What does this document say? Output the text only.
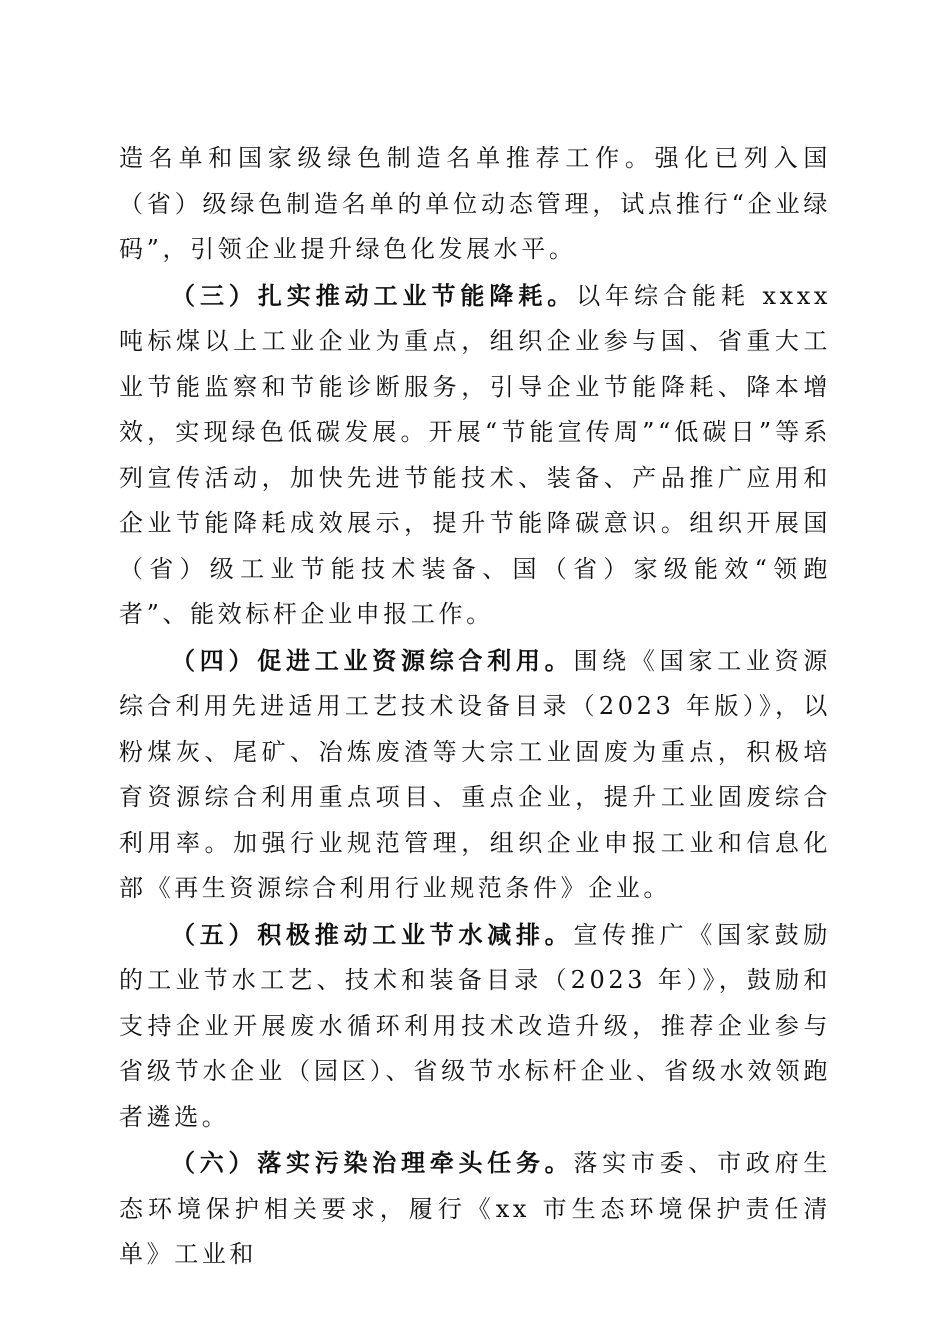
造名单和国家级绿色制造名单推荐工作。强化已列入国（省）级绿色制造名单的单位动态管理，试点推行“企业绿码”，引领企业提升绿色化发展水平。

（三）扎实推动工业节能降耗。以年综合能耗 xxxx 吨标煤以上工业企业为重点，组织企业参与国、省重大工业节能监察和节能诊断服务，引导企业节能降耗、降本增效，实现绿色低碳发展。开展“节能宣传周”“低碳日”等系列宣传活动，加快先进节能技术、装备、产品推广应用和企业节能降耗成效展示，提升节能降碳意识。组织开展国（省）级工业节能技术装备、国（省）家级能效“领跑者”、能效标杆企业申报工作。

（四）促进工业资源综合利用。围绕《国家工业资源综合利用先进适用工艺技术设备目录（2023 年版）》，以粉煤灰、尾矿、冶炼废渣等大宗工业固废为重点，积极培育资源综合利用重点项目、重点企业，提升工业固废综合利用率。加强行业规范管理，组织企业申报工业和信息化部《再生资源综合利用行业规范条件》企业。

（五）积极推动工业节水减排。宣传推广《国家鼓励的工业节水工艺、技术和装备目录（2023 年）》，鼓励和支持企业开展废水循环利用技术改造升级，推荐企业参与省级节水企业（园区）、省级节水标杆企业、省级水效领跑者遴选。

（六）落实污染治理牵头任务。落实市委、市政府生态环境保护相关要求，履行《xx 市生态环境保护责任清单》工业和
